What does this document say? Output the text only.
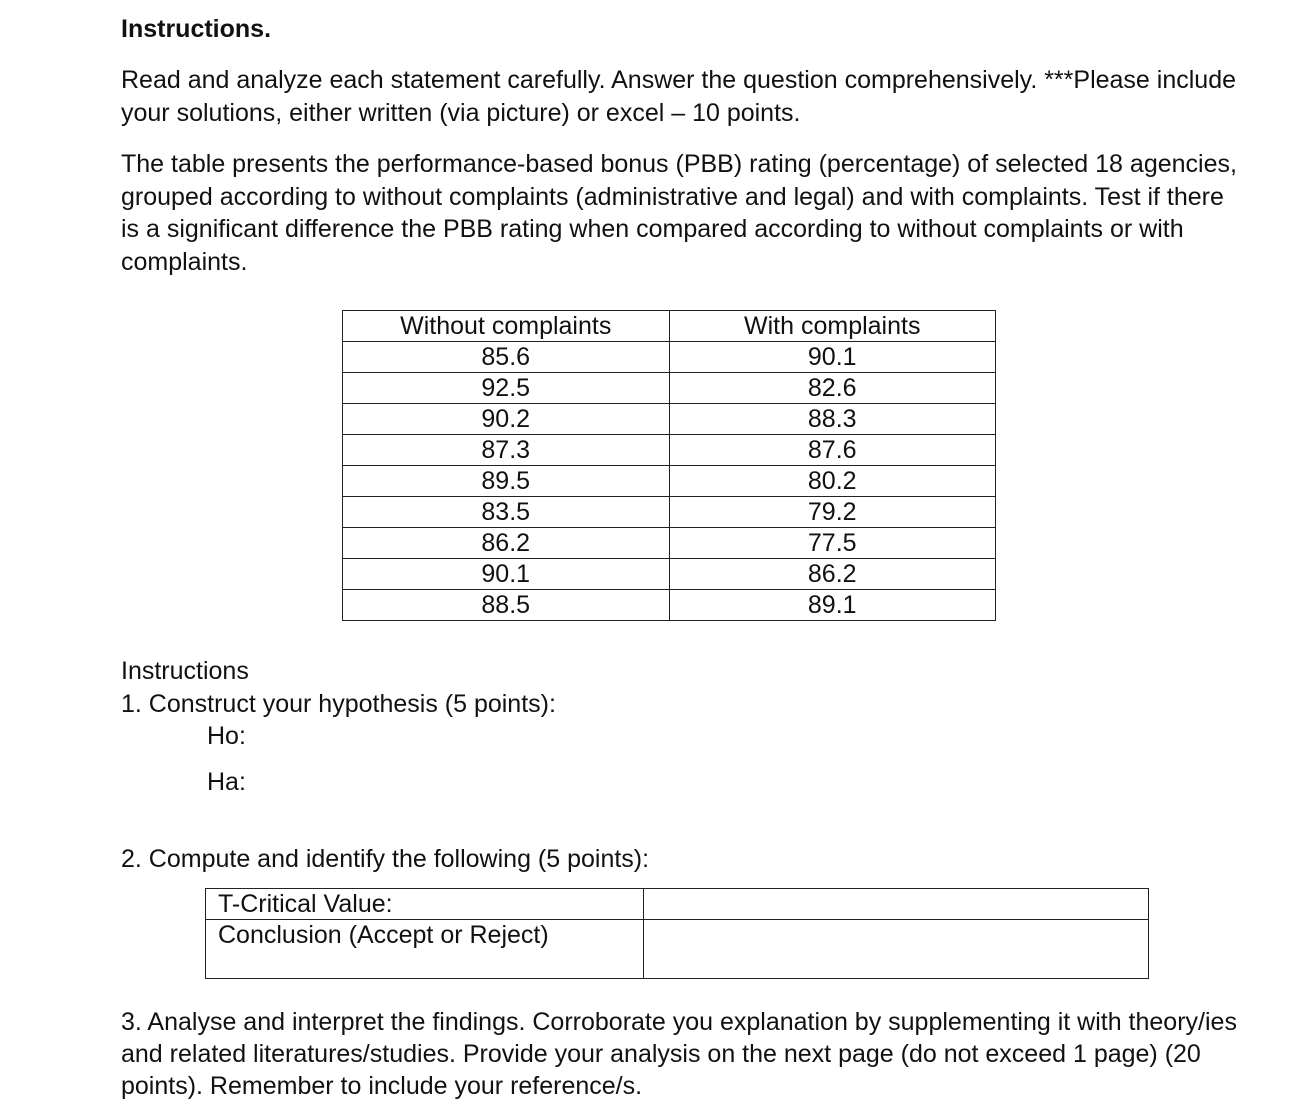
Instructions.
Read and analyze each statement carefully. Answer the question comprehensively. ***Please include your solutions, either written (via picture) or excel – 10 points.
The table presents the performance-based bonus (PBB) rating (percentage) of selected 18 agencies, grouped according to without complaints (administrative and legal) and with complaints. Test if there is a significant difference the PBB rating when compared according to without complaints or with complaints.
Without complaints	With complaints
85.6	90.1
92.5	82.6
90.2	88.3
87.3	87.6
89.5	80.2
83.5	79.2
86.2	77.5
90.1	86.2
88.5	89.1
Instructions
1. Construct your hypothesis (5 points):
Ho:
Ha:
2. Compute and identify the following (5 points):
T-Critical Value:	
Conclusion (Accept or Reject)	
3. Analyse and interpret the findings. Corroborate you explanation by supplementing it with theory/ies and related literatures/studies. Provide your analysis on the next page (do not exceed 1 page) (20 points). Remember to include your reference/s.
